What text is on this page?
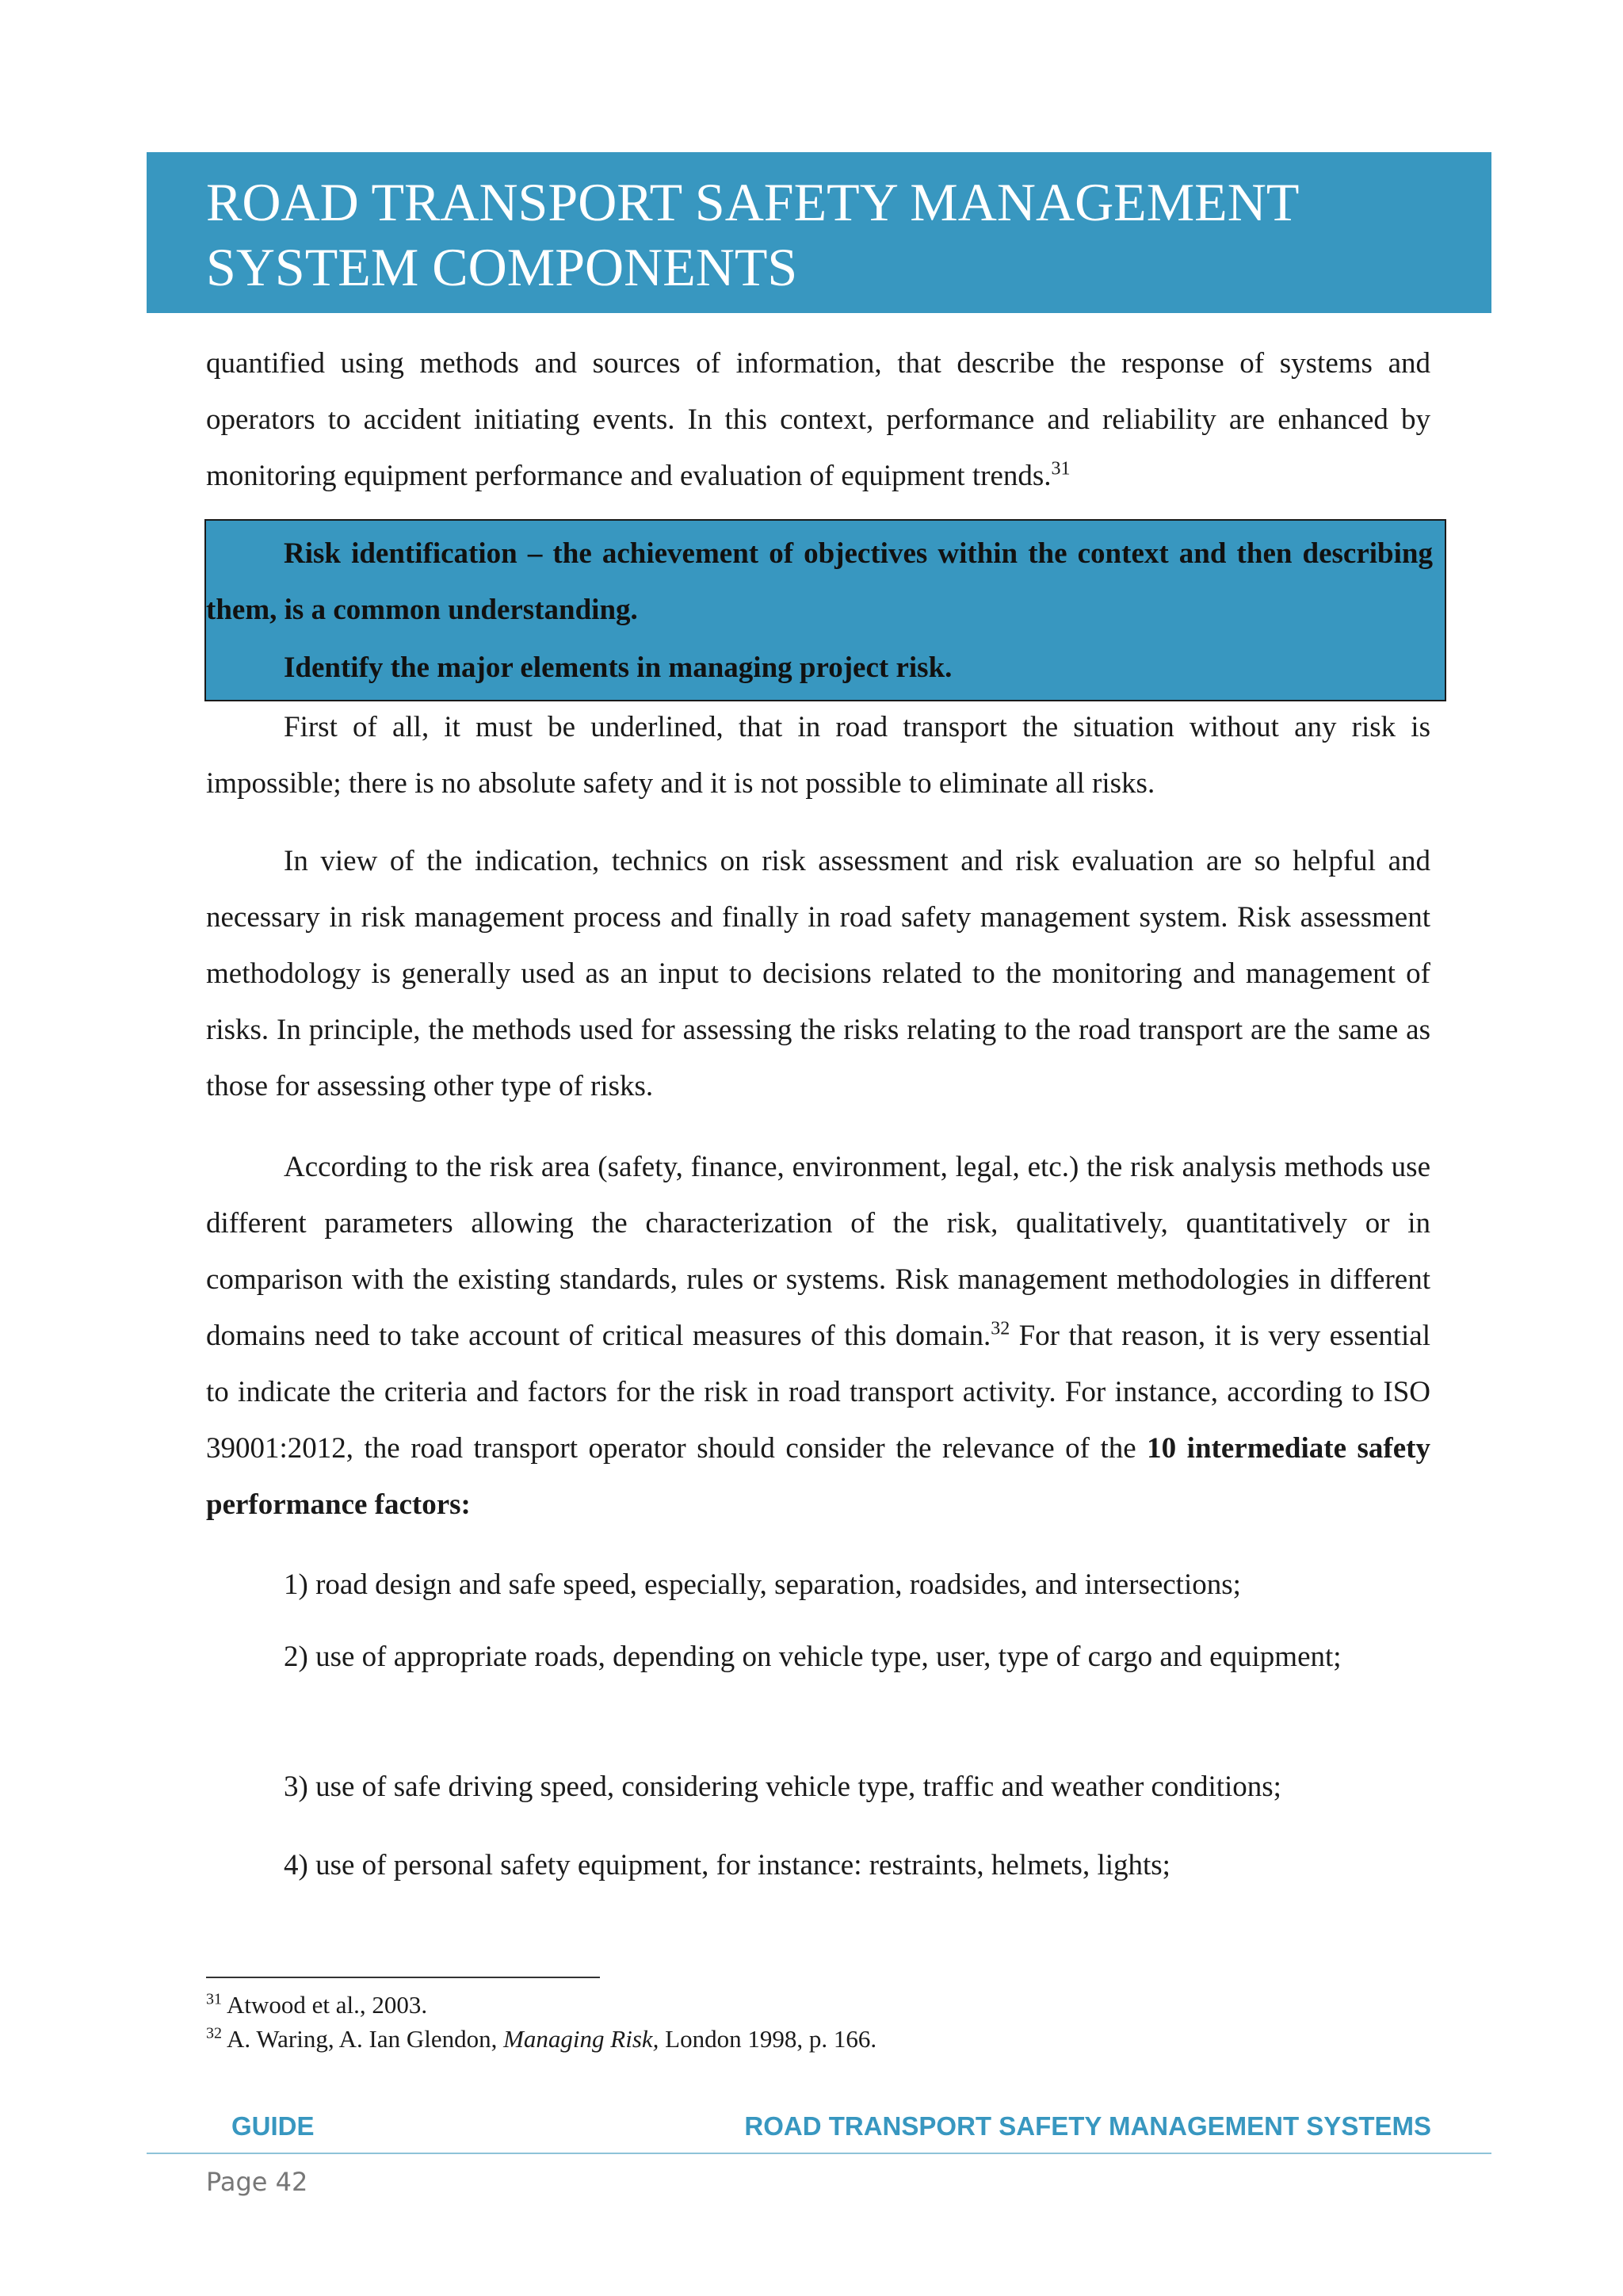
ROAD TRANSPORT SAFETY MANAGEMENT
SYSTEM COMPONENTS

quantified using methods and sources of information, that describe the response of systems and operators to accident initiating events. In this context, performance and reliability are enhanced by monitoring equipment performance and evaluation of equipment trends.$^{31}$

Risk identification – the achievement of objectives within the context and then describing them, is a common understanding.

Identify the major elements in managing project risk.

First of all, it must be underlined, that in road transport the situation without any risk is impossible; there is no absolute safety and it is not possible to eliminate all risks.

In view of the indication, technics on risk assessment and risk evaluation are so helpful and necessary in risk management process and finally in road safety management system. Risk assessment methodology is generally used as an input to decisions related to the monitoring and management of risks. In principle, the methods used for assessing the risks relating to the road transport are the same as those for assessing other type of risks.

According to the risk area (safety, finance, environment, legal, etc.) the risk analysis methods use different parameters allowing the characterization of the risk, qualitatively, quantitatively or in comparison with the existing standards, rules or systems. Risk management methodologies in different domains need to take account of critical measures of this domain.$^{32}$ For that reason, it is very essential to indicate the criteria and factors for the risk in road transport activity. For instance, according to ISO 39001:2012, the road transport operator should consider the relevance of the 10 intermediate safety performance factors:

1) road design and safe speed, especially, separation, roadsides, and intersections;

2) use of appropriate roads, depending on vehicle type, user, type of cargo and equipment;

3) use of safe driving speed, considering vehicle type, traffic and weather conditions;

4) use of personal safety equipment, for instance: restraints, helmets, lights;

$^{31}$ Atwood et al., 2003.

$^{32}$ A. Waring, A. Ian Glendon, Managing Risk, London 1998, p. 166.

GUIDE	ROAD TRANSPORT SAFETY MANAGEMENT SYSTEMS

Page 42
